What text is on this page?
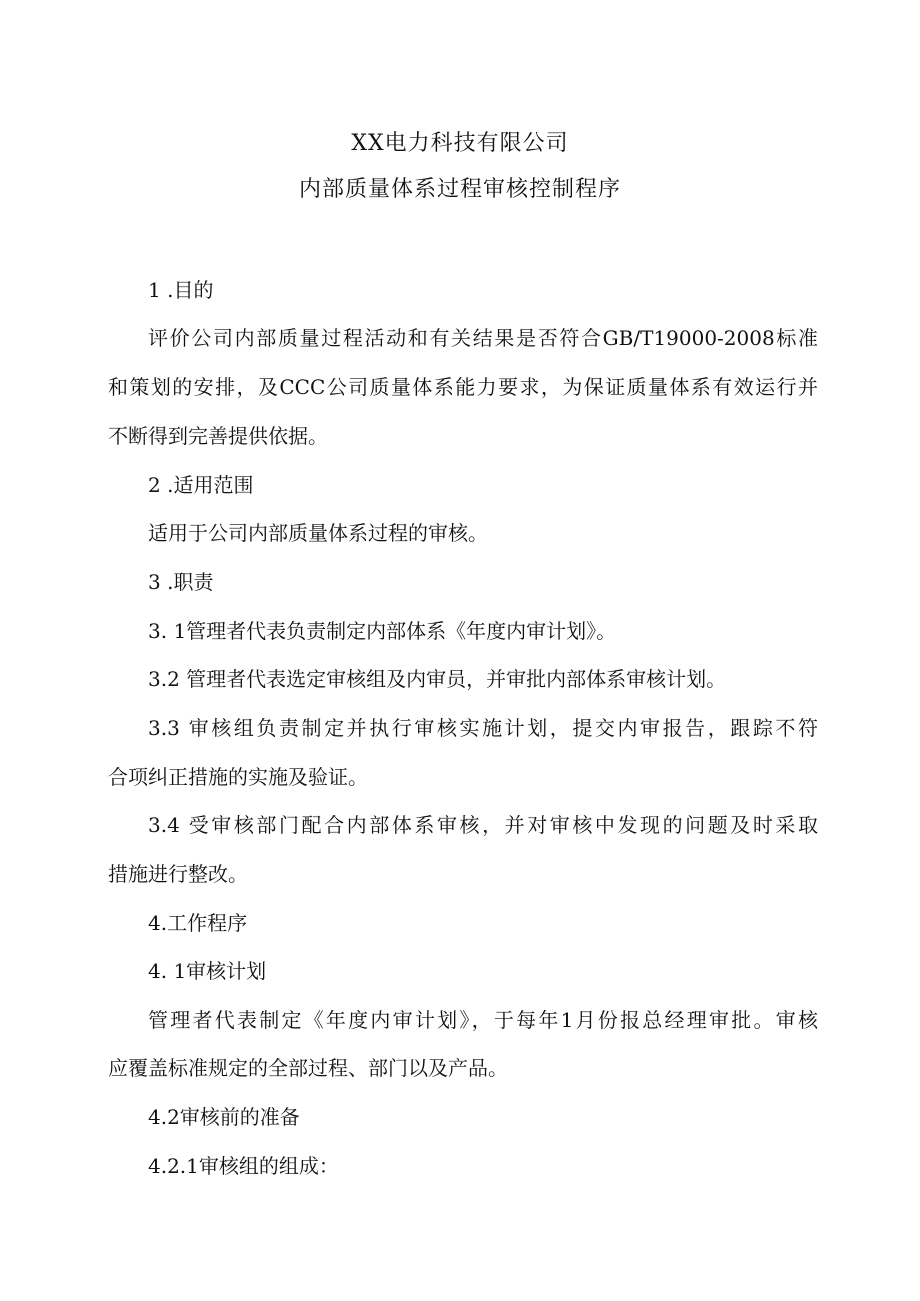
XX电力科技有限公司
内部质量体系过程审核控制程序
1 .目的
评价公司内部质量过程活动和有关结果是否符合GB/T19000-2008标准
和策划的安排，及CCC公司质量体系能力要求，为保证质量体系有效运行并
不断得到完善提供依据。
2 .适用范围
适用于公司内部质量体系过程的审核。
3 .职责
3. 1管理者代表负责制定内部体系《年度内审计划》。
3.2 管理者代表选定审核组及内审员，并审批内部体系审核计划。
3.3 审核组负责制定并执行审核实施计划，提交内审报告，跟踪不符
合项纠正措施的实施及验证。
3.4 受审核部门配合内部体系审核，并对审核中发现的问题及时采取
措施进行整改。
4.工作程序
4. 1审核计划
管理者代表制定《年度内审计划》，于每年1月份报总经理审批。审核
应覆盖标准规定的全部过程、部门以及产品。
4.2审核前的准备
4.2.1审核组的组成：
